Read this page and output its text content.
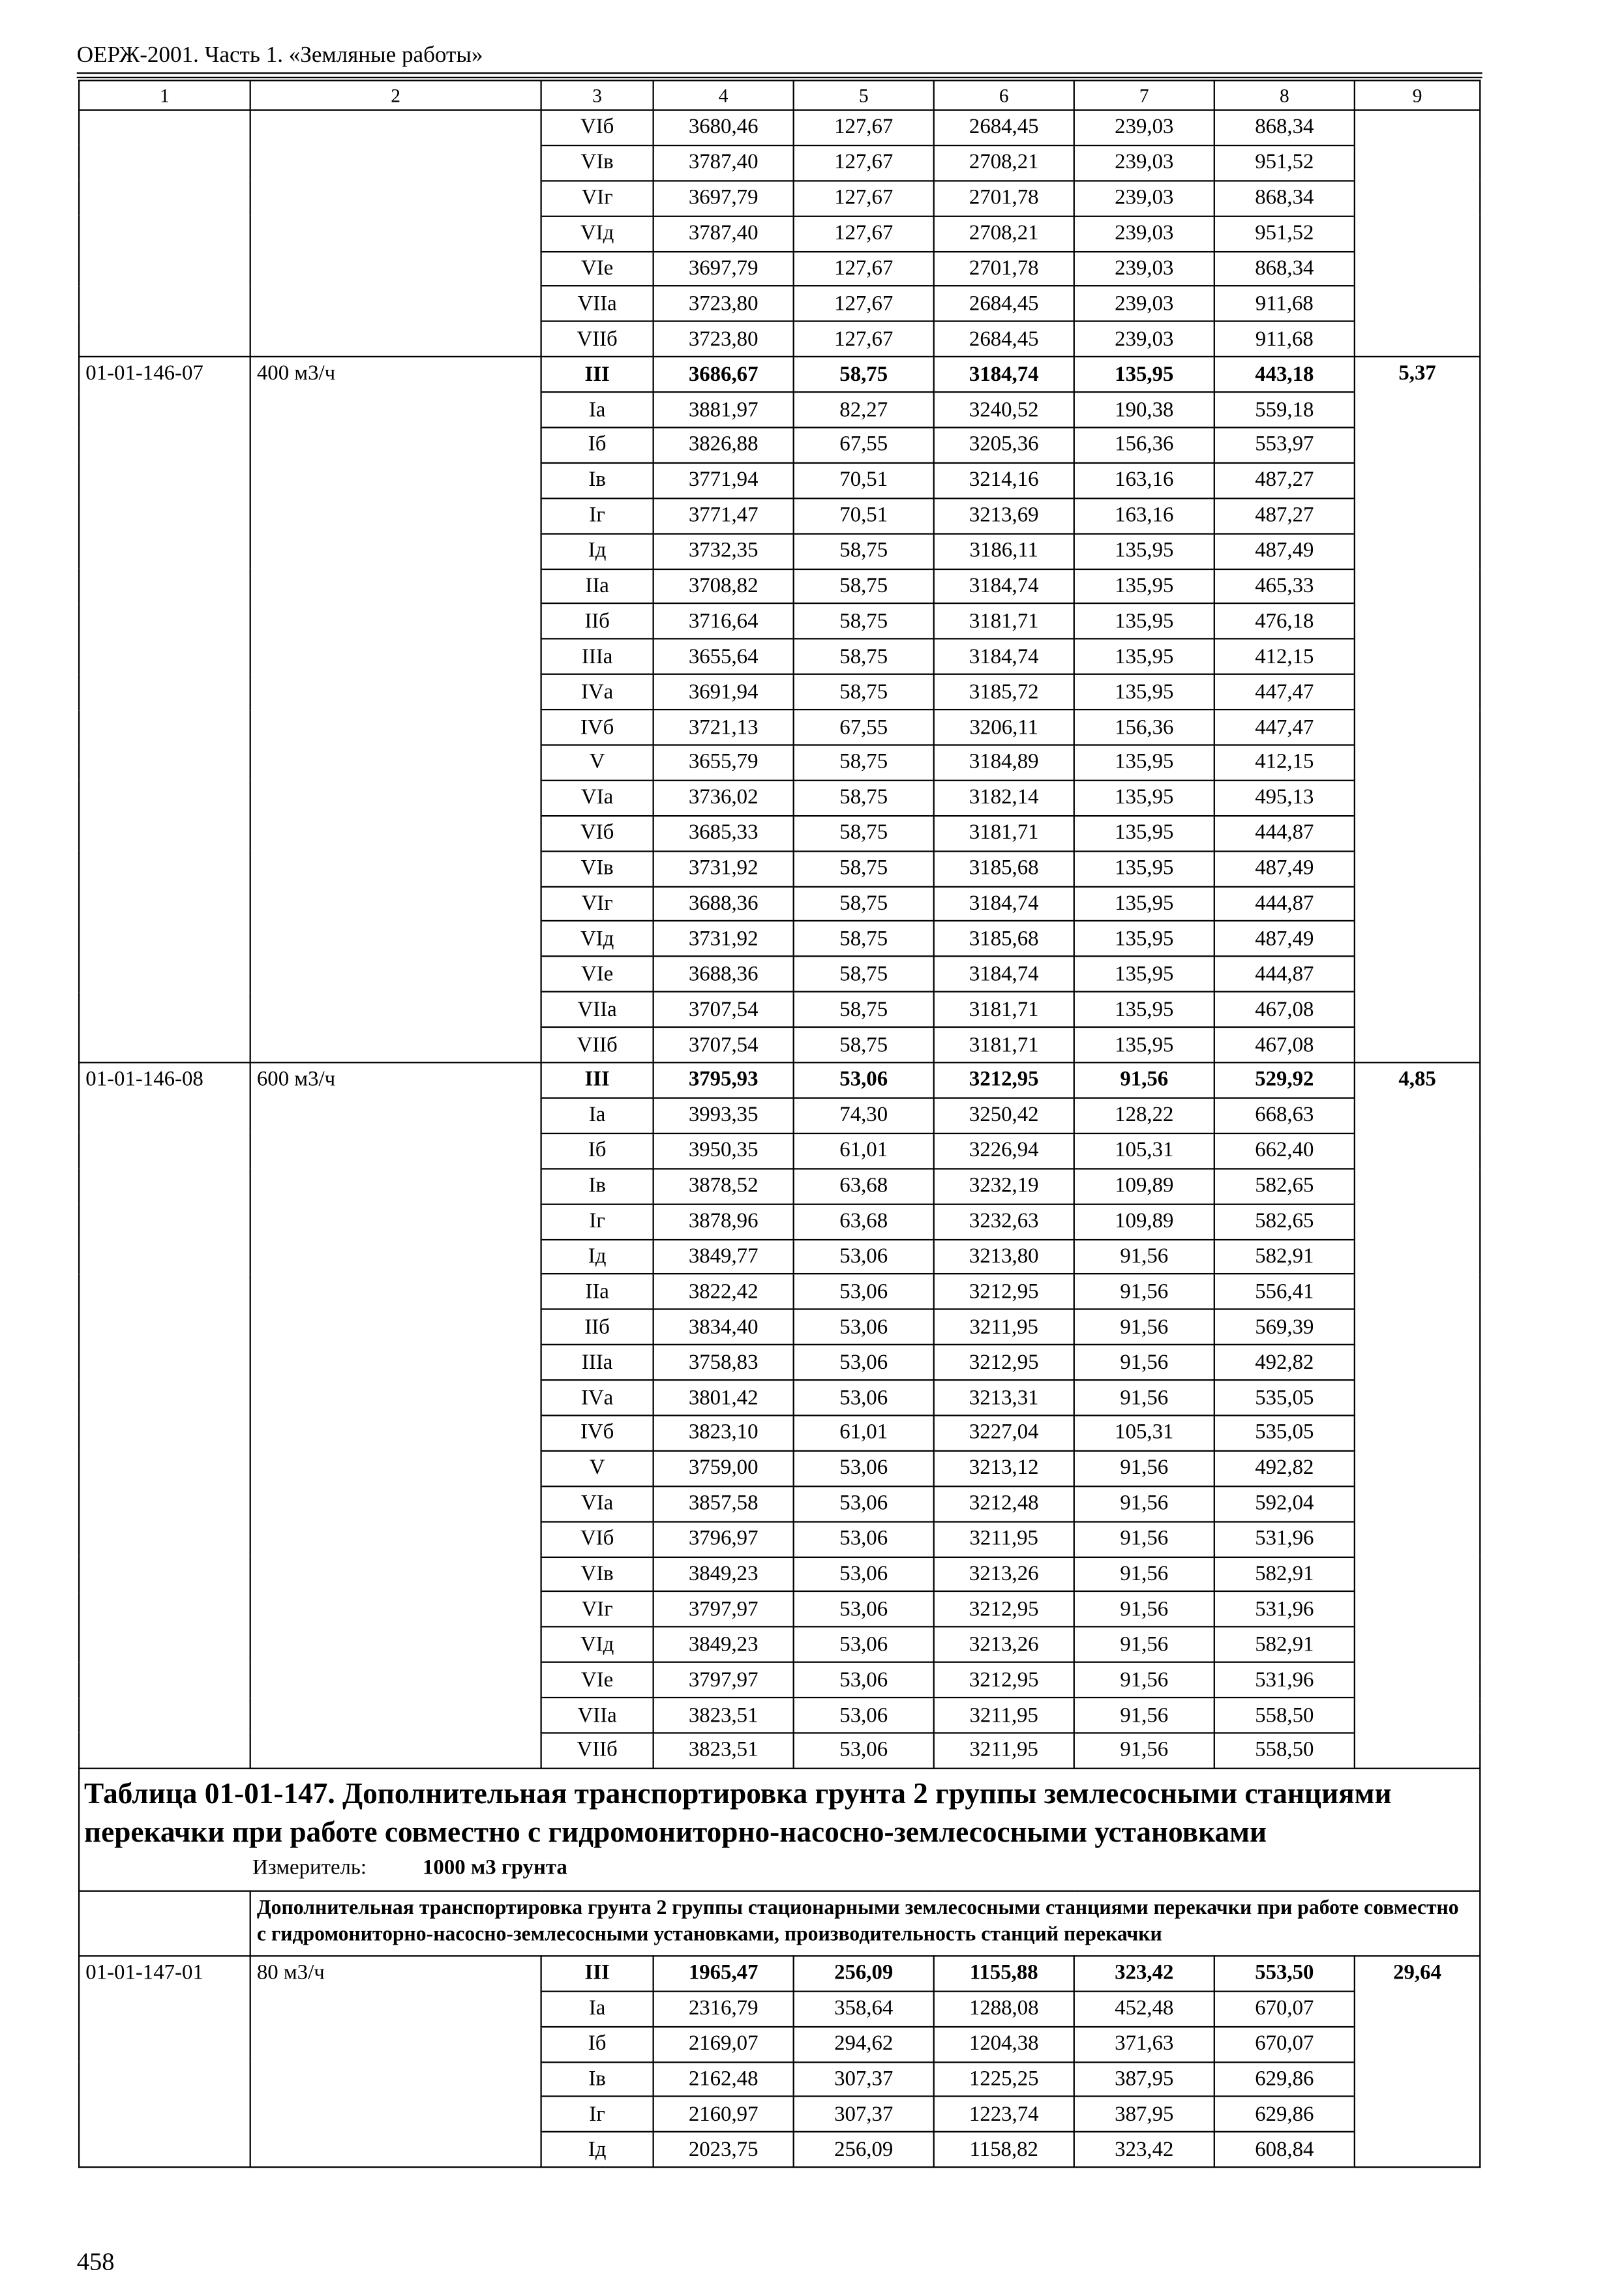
ОЕРЖ-2001. Часть 1. «Земляные работы»
1	2	3	4	5	6	7	8	9
		VIб	3680,46	127,67	2684,45	239,03	868,34	
		VIв	3787,40	127,67	2708,21	239,03	951,52	
		VIг	3697,79	127,67	2701,78	239,03	868,34	
		VIд	3787,40	127,67	2708,21	239,03	951,52	
		VIе	3697,79	127,67	2701,78	239,03	868,34	
		VIIа	3723,80	127,67	2684,45	239,03	911,68	
		VIIб	3723,80	127,67	2684,45	239,03	911,68	
01-01-146-07	400 м3/ч	III	3686,67	58,75	3184,74	135,95	443,18	5,37
		Iа	3881,97	82,27	3240,52	190,38	559,18	
		Iб	3826,88	67,55	3205,36	156,36	553,97	
		Iв	3771,94	70,51	3214,16	163,16	487,27	
		Iг	3771,47	70,51	3213,69	163,16	487,27	
		Iд	3732,35	58,75	3186,11	135,95	487,49	
		IIа	3708,82	58,75	3184,74	135,95	465,33	
		IIб	3716,64	58,75	3181,71	135,95	476,18	
		IIIа	3655,64	58,75	3184,74	135,95	412,15	
		IVа	3691,94	58,75	3185,72	135,95	447,47	
		IVб	3721,13	67,55	3206,11	156,36	447,47	
		V	3655,79	58,75	3184,89	135,95	412,15	
		VIа	3736,02	58,75	3182,14	135,95	495,13	
		VIб	3685,33	58,75	3181,71	135,95	444,87	
		VIв	3731,92	58,75	3185,68	135,95	487,49	
		VIг	3688,36	58,75	3184,74	135,95	444,87	
		VIд	3731,92	58,75	3185,68	135,95	487,49	
		VIе	3688,36	58,75	3184,74	135,95	444,87	
		VIIа	3707,54	58,75	3181,71	135,95	467,08	
		VIIб	3707,54	58,75	3181,71	135,95	467,08	
01-01-146-08	600 м3/ч	III	3795,93	53,06	3212,95	91,56	529,92	4,85
		Iа	3993,35	74,30	3250,42	128,22	668,63	
		Iб	3950,35	61,01	3226,94	105,31	662,40	
		Iв	3878,52	63,68	3232,19	109,89	582,65	
		Iг	3878,96	63,68	3232,63	109,89	582,65	
		Iд	3849,77	53,06	3213,80	91,56	582,91	
		IIа	3822,42	53,06	3212,95	91,56	556,41	
		IIб	3834,40	53,06	3211,95	91,56	569,39	
		IIIа	3758,83	53,06	3212,95	91,56	492,82	
		IVа	3801,42	53,06	3213,31	91,56	535,05	
		IVб	3823,10	61,01	3227,04	105,31	535,05	
		V	3759,00	53,06	3213,12	91,56	492,82	
		VIа	3857,58	53,06	3212,48	91,56	592,04	
		VIб	3796,97	53,06	3211,95	91,56	531,96	
		VIв	3849,23	53,06	3213,26	91,56	582,91	
		VIг	3797,97	53,06	3212,95	91,56	531,96	
		VIд	3849,23	53,06	3213,26	91,56	582,91	
		VIе	3797,97	53,06	3212,95	91,56	531,96	
		VIIа	3823,51	53,06	3211,95	91,56	558,50	
		VIIб	3823,51	53,06	3211,95	91,56	558,50	

Таблица 01-01-147. Дополнительная транспортировка грунта 2 группы землесосными станциями перекачки при работе совместно с гидромониторно-насосно-землесосными установками
Измеритель: 1000 м3 грунта								

	Дополнительная транспортировка грунта 2 группы стационарными землесосными станциями перекачки при работе совместно с гидромониторно-насосно-землесосными установками, производительность станций перекачки							
01-01-147-01	80 м3/ч	III	1965,47	256,09	1155,88	323,42	553,50	29,64
		Iа	2316,79	358,64	1288,08	452,48	670,07	
		Iб	2169,07	294,62	1204,38	371,63	670,07	
		Iв	2162,48	307,37	1225,25	387,95	629,86	
		Iг	2160,97	307,37	1223,74	387,95	629,86	
		Iд	2023,75	256,09	1158,82	323,42	608,84	
458
